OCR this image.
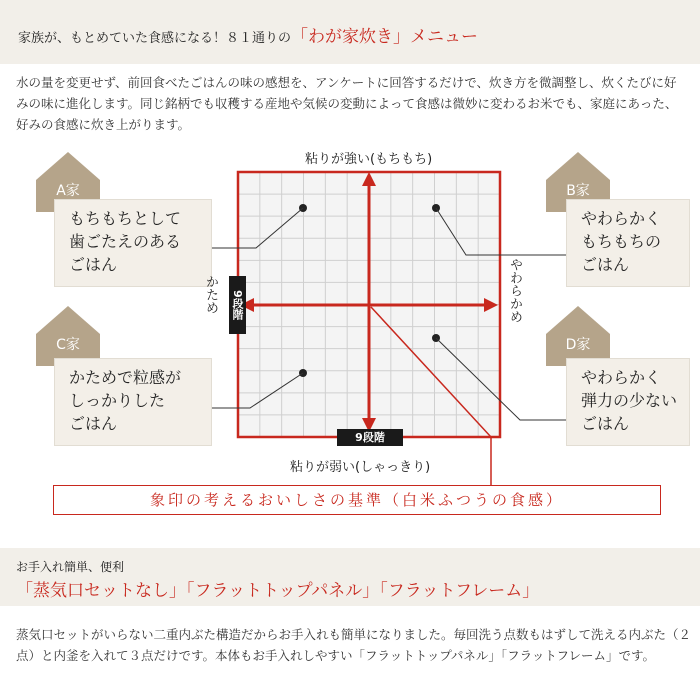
家族が、もとめていた食感になる！８１通りの「わが家炊き」メニュー
水の量を変更せず、前回食べたごはんの味の感想を、アンケートに回答するだけで、炊き方を微調整し、炊くたびに好みの味に進化します。同じ銘柄でも収穫する産地や気候の変動によって食感は微妙に変わるお米でも、家庭にあった、好みの食感に炊き上がります。
もちもちとして
歯ごたえのある
ごはん
A家
やわらかく
もちもちの
ごはん
B家
かためで粒感が
しっかりした
ごはん
C家
やわらかく
弾力の少ない
ごはん
D家
粘りが強い(もちもち)
粘りが弱い(しゃっきり)
かため	やわらかめ
9段階
9段階
象印の考えるおいしさの基準（白米ふつうの食感）
お手入れ簡単、便利
「蒸気口セットなし」「フラットトップパネル」「フラットフレーム」
蒸気口セットがいらない二重内ぶた構造だからお手入れも簡単になりました。毎回洗う点数もはずして洗える内ぶた（２点）と内釜を入れて３点だけです。本体もお手入れしやすい「フラットトップパネル」「フラットフレーム」です。
